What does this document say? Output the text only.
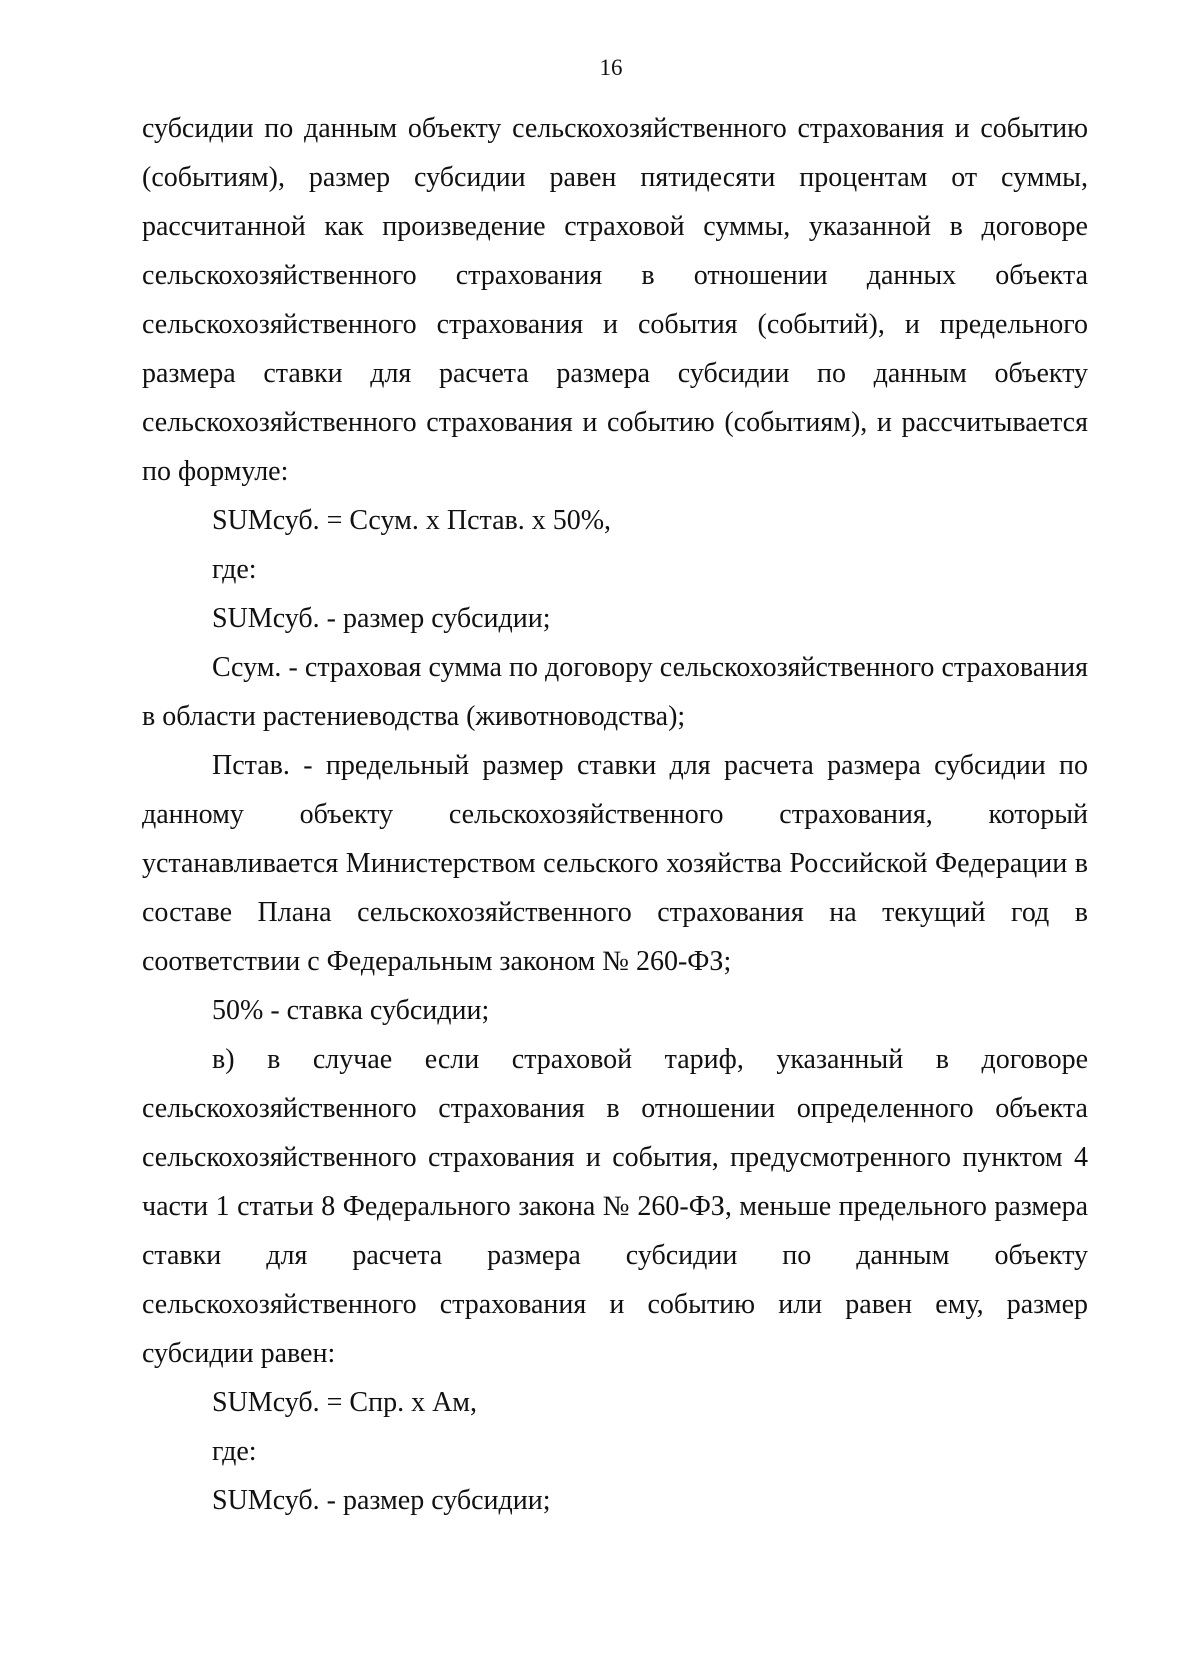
16

субсидии по данным объекту сельскохозяйственного страхования и событию (событиям), размер субсидии равен пятидесяти процентам от суммы, рассчитанной как произведение страховой суммы, указанной в договоре сельскохозяйственного страхования в отношении данных объекта сельскохозяйственного страхования и события (событий), и предельного размера ставки для расчета размера субсидии по данным объекту сельскохозяйственного страхования и событию (событиям), и рассчитывается по формуле:

SUMсуб. = Ссум. х Пстав. х 50%,

где:

SUMсуб. - размер субсидии;

Ссум. - страховая сумма по договору сельскохозяйственного страхования в области растениеводства (животноводства);

Пстав. - предельный размер ставки для расчета размера субсидии по данному объекту сельскохозяйственного страхования, который устанавливается Министерством сельского хозяйства Российской Федерации в составе Плана сельскохозяйственного страхования на текущий год в соответствии с Федеральным законом № 260-ФЗ;

50% - ставка субсидии;

в) в случае если страховой тариф, указанный в договоре сельскохозяйственного страхования в отношении определенного объекта сельскохозяйственного страхования и события, предусмотренного пунктом 4 части 1 статьи 8 Федерального закона № 260-ФЗ, меньше предельного размера ставки для расчета размера субсидии по данным объекту сельскохозяйственного страхования и событию или равен ему, размер субсидии равен:

SUMсуб. = Спр. х Ам,

где:

SUMсуб. - размер субсидии;
